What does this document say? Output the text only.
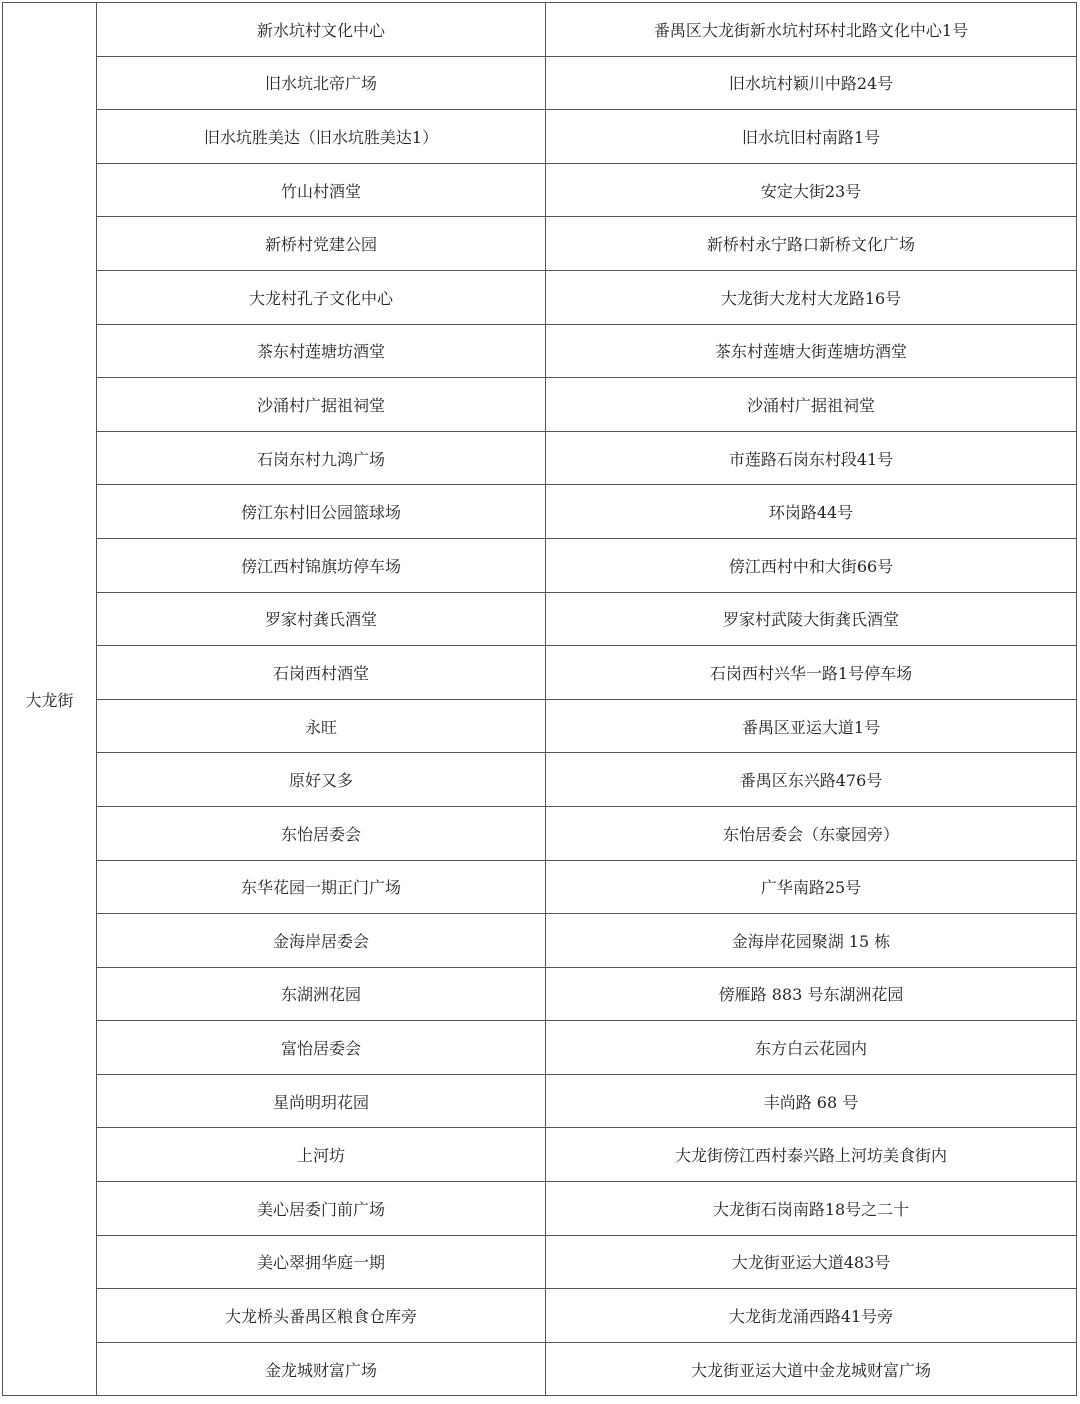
大龙街	新水坑村文化中心	番禺区大龙街新水坑村环村北路文化中心1号
	旧水坑北帝广场	旧水坑村颖川中路24号
	旧水坑胜美达（旧水坑胜美达1）	旧水坑旧村南路1号
	竹山村酒堂	安定大街23号
	新桥村党建公园	新桥村永宁路口新桥文化广场
	大龙村孔子文化中心	大龙街大龙村大龙路16号
	茶东村莲塘坊酒堂	茶东村莲塘大街莲塘坊酒堂
	沙涌村广据祖祠堂	沙涌村广据祖祠堂
	石岗东村九鸿广场	市莲路石岗东村段41号
	傍江东村旧公园篮球场	环岗路44号
	傍江西村锦旗坊停车场	傍江西村中和大街66号
	罗家村龚氏酒堂	罗家村武陵大街龚氏酒堂
	石岗西村酒堂	石岗西村兴华一路1号停车场
	永旺	番禺区亚运大道1号
	原好又多	番禺区东兴路476号
	东怡居委会	东怡居委会（东豪园旁）
	东华花园一期正门广场	广华南路25号
	金海岸居委会	金海岸花园聚湖 15 栋
	东湖洲花园	傍雁路 883 号东湖洲花园
	富怡居委会	东方白云花园内
	星尚明玥花园	丰尚路 68 号
	上河坊	大龙街傍江西村泰兴路上河坊美食街内
	美心居委门前广场	大龙街石岗南路18号之二十
	美心翠拥华庭一期	大龙街亚运大道483号
	大龙桥头番禺区粮食仓库旁	大龙街龙涌西路41号旁
	金龙城财富广场	大龙街亚运大道中金龙城财富广场
